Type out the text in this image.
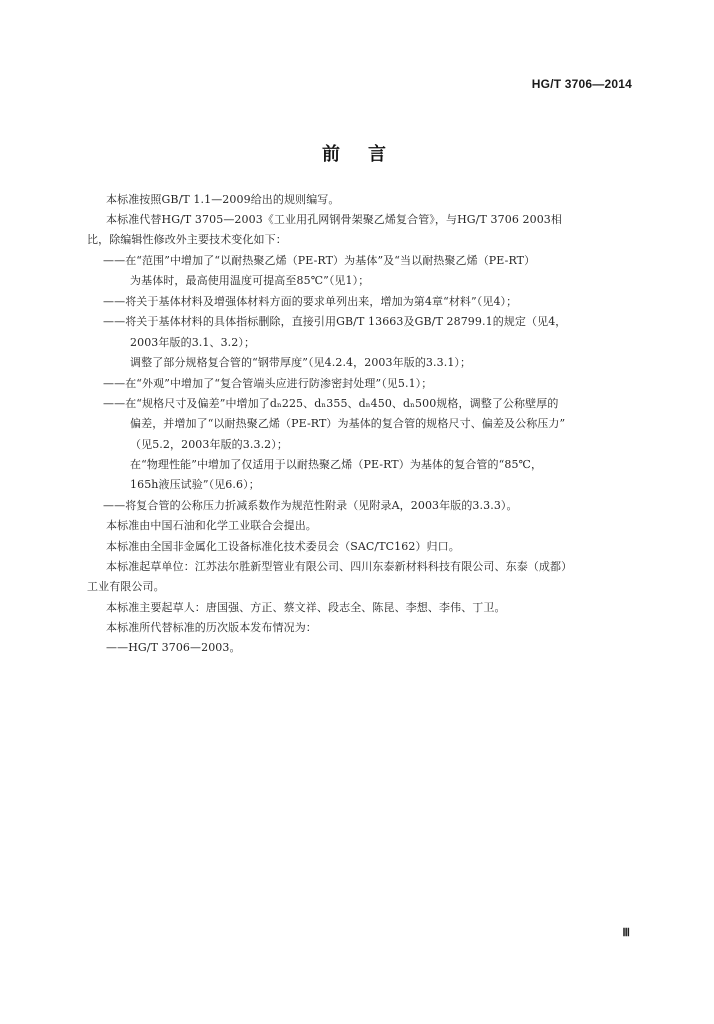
HG/T 3706—2014
前 言
本标准按照GB/T 1.1—2009给出的规则编写。
本标准代替HG/T 3705—2003《工业用孔网钢骨架聚乙烯复合管》，与HG/T 3706 2003相
比，除编辑性修改外主要技术变化如下：
——在“范围”中增加了“以耐热聚乙烯（PE-RT）为基体”及“当以耐热聚乙烯（PE-RT）
为基体时，最高使用温度可提高至85℃”（见1）；
——将关于基体材料及增强体材料方面的要求单列出来，增加为第4章“材料”（见4）；
——将关于基体材料的具体指标删除，直接引用GB/T 13663及GB/T 28799.1的规定（见4，
2003年版的3.1、3.2）；
调整了部分规格复合管的“钢带厚度”（见4.2.4，2003年版的3.3.1）；
——在“外观”中增加了“复合管端头应进行防渗密封处理”（见5.1）；
——在“规格尺寸及偏差”中增加了dₙ225、dₙ355、dₙ450、dₙ500规格，调整了公称壁厚的
偏差，并增加了“以耐热聚乙烯（PE-RT）为基体的复合管的规格尺寸、偏差及公称压力”
（见5.2，2003年版的3.3.2）；
在“物理性能”中增加了仅适用于以耐热聚乙烯（PE-RT）为基体的复合管的“85℃，
165h液压试验”（见6.6）；
——将复合管的公称压力折减系数作为规范性附录（见附录A，2003年版的3.3.3）。
本标准由中国石油和化学工业联合会提出。
本标准由全国非金属化工设备标准化技术委员会（SAC/TC162）归口。
本标准起草单位：江苏法尔胜新型管业有限公司、四川东泰新材料科技有限公司、东泰（成都）
工业有限公司。
本标准主要起草人：唐国强、方正、蔡文祥、段志全、陈昆、李想、李伟、丁卫。
本标准所代替标准的历次版本发布情况为：
——HG/T 3706—2003。
Ⅲ
